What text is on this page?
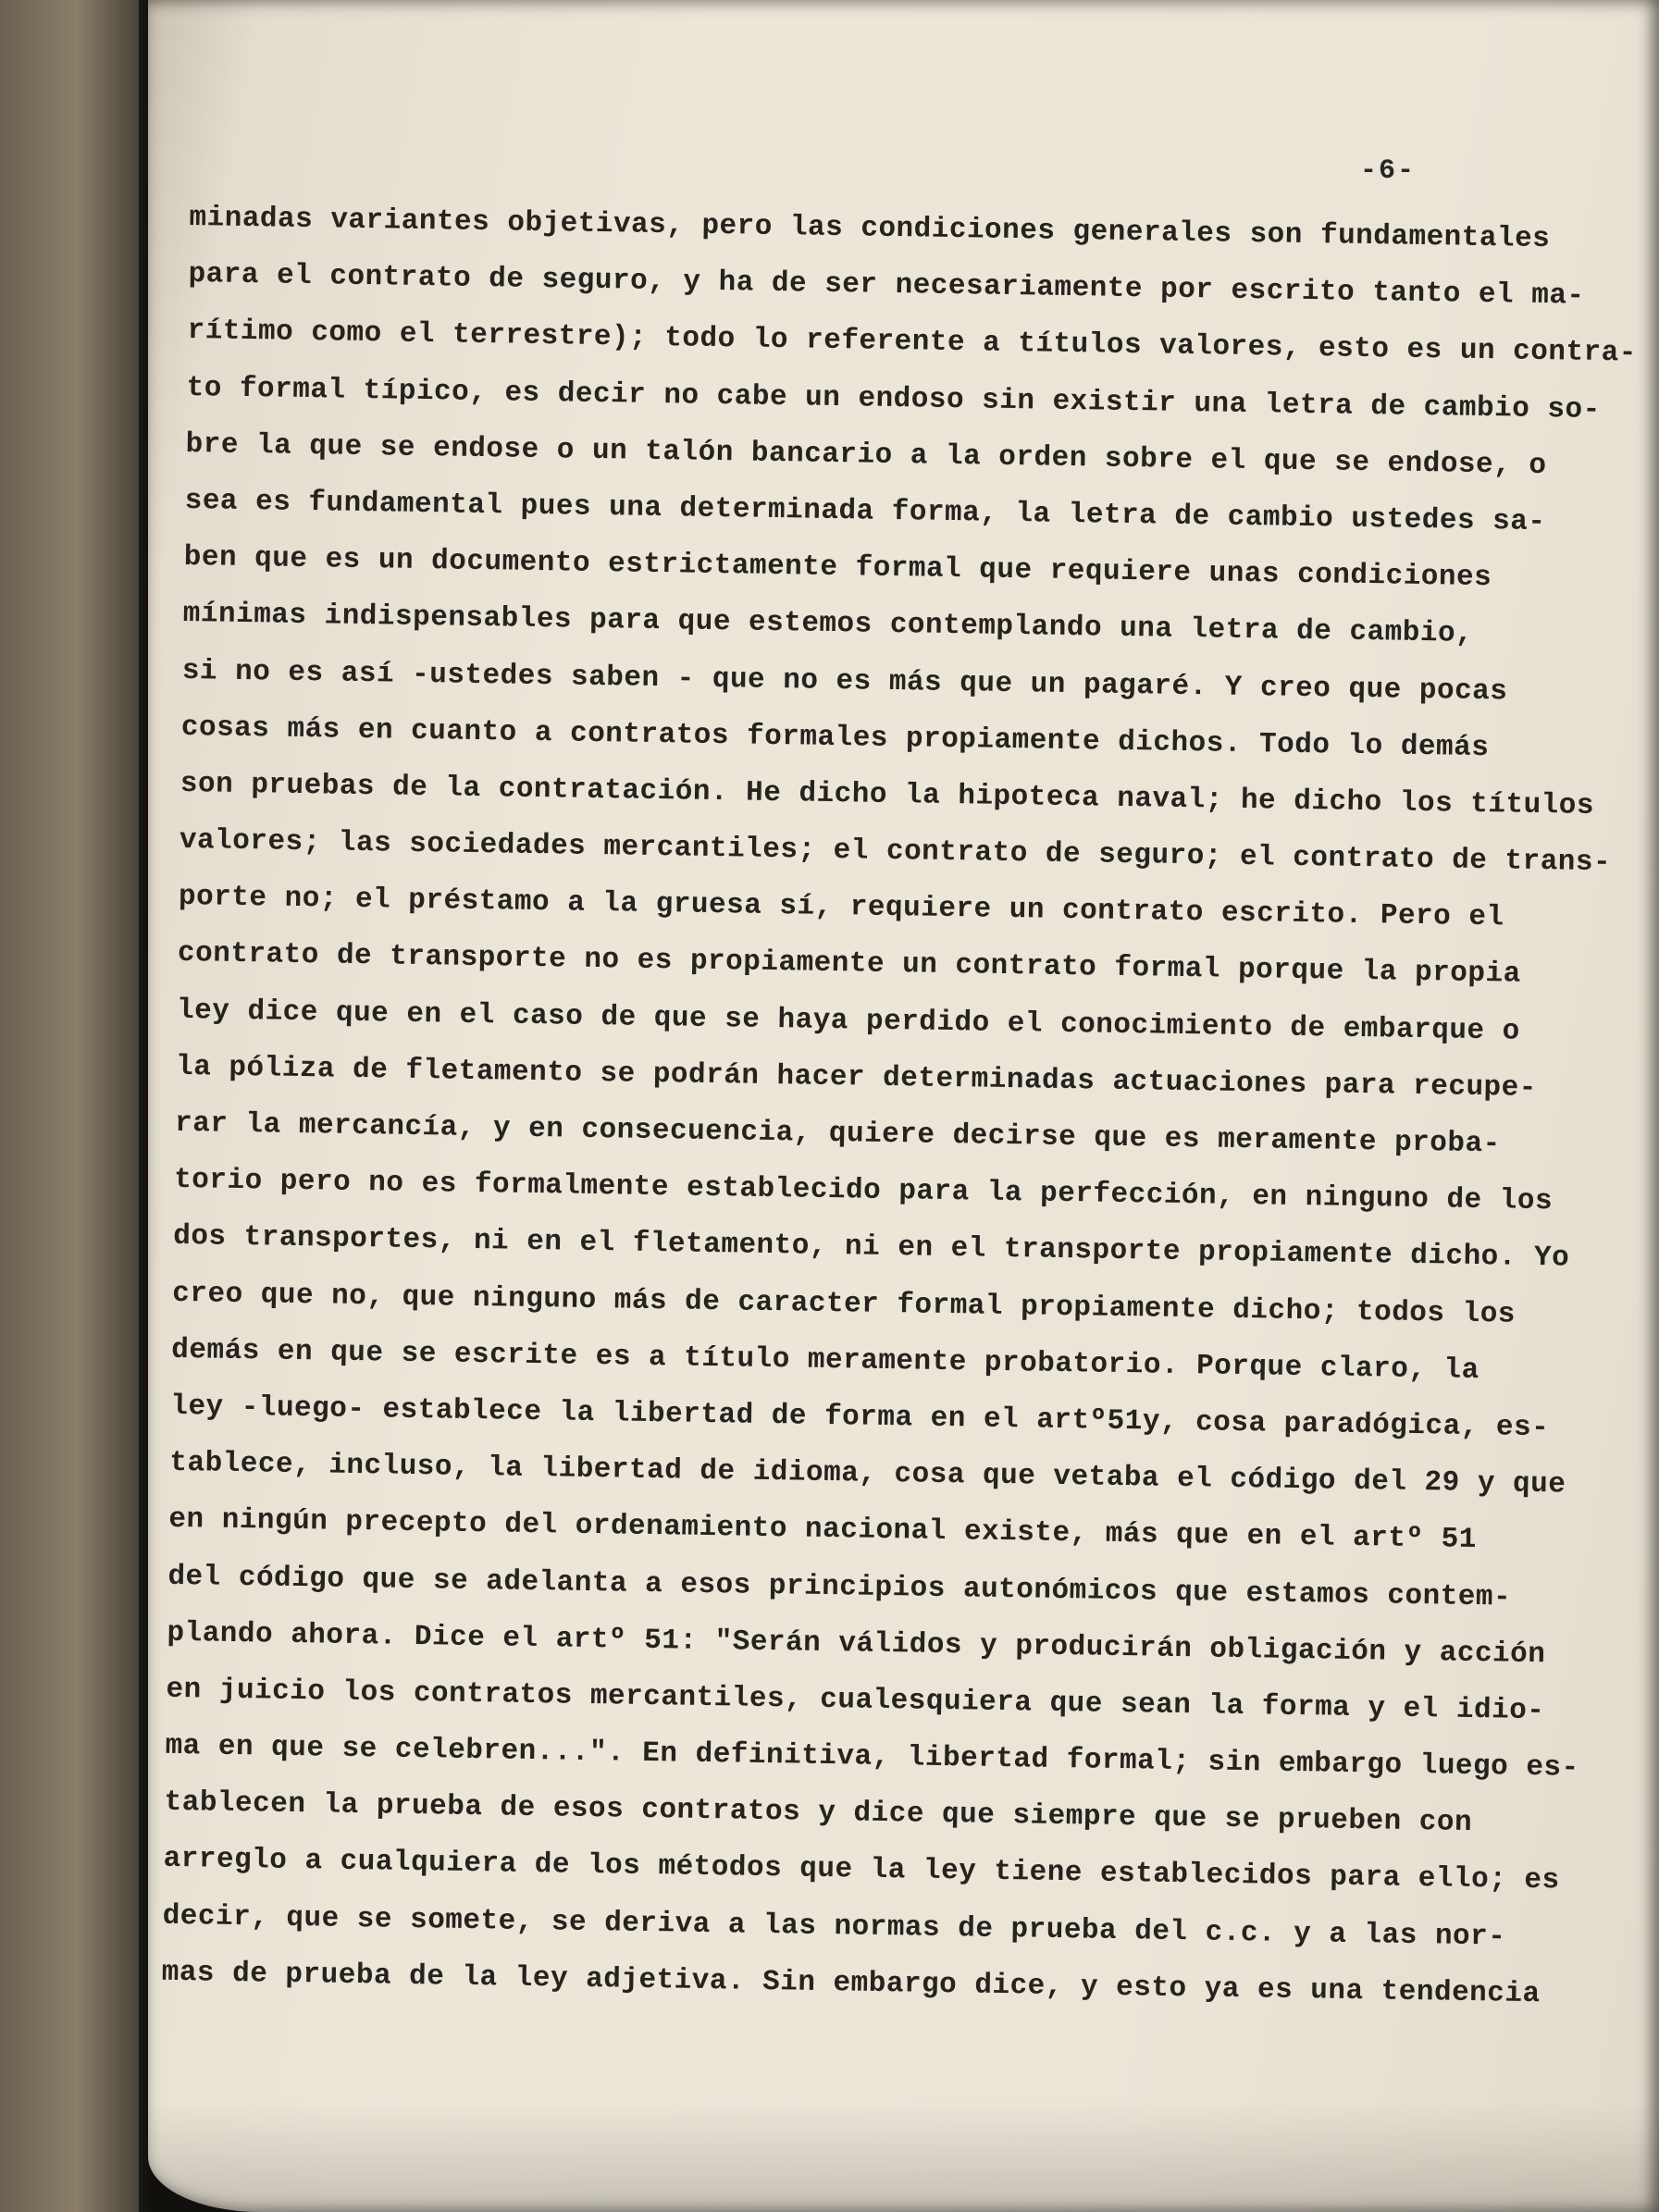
-6-
minadas variantes objetivas, pero las condiciones generales son fundamentales
para el contrato de seguro, y ha de ser necesariamente por escrito tanto el ma-
rítimo como el terrestre); todo lo referente a títulos valores, esto es un contra-
to formal típico, es decir no cabe un endoso sin existir una letra de cambio so-
bre la que se endose o un talón bancario a la orden sobre el que se endose, o
sea es fundamental pues una determinada forma, la letra de cambio ustedes sa-
ben que es un documento estrictamente formal que requiere unas condiciones
mínimas indispensables para que estemos contemplando una letra de cambio,
si no es así -ustedes saben - que no es más que un pagaré. Y creo que pocas
cosas más en cuanto a contratos formales propiamente dichos. Todo lo demás
son pruebas de la contratación. He dicho la hipoteca naval; he dicho los títulos
valores; las sociedades mercantiles; el contrato de seguro; el contrato de trans-
porte no; el préstamo a la gruesa sí, requiere un contrato escrito. Pero el
contrato de transporte no es propiamente un contrato formal porque la propia
ley dice que en el caso de que se haya perdido el conocimiento de embarque o
la póliza de fletamento se podrán hacer determinadas actuaciones para recupe-
rar la mercancía, y en consecuencia, quiere decirse que es meramente proba-
torio pero no es formalmente establecido para la perfección, en ninguno de los
dos transportes, ni en el fletamento, ni en el transporte propiamente dicho. Yo
creo que no, que ninguno más de caracter formal propiamente dicho; todos los
demás en que se escrite es a título meramente probatorio. Porque claro, la
ley -luego- establece la libertad de forma en el artº51y, cosa paradógica, es-
tablece, incluso, la libertad de idioma, cosa que vetaba el código del 29 y que
en ningún precepto del ordenamiento nacional existe, más que en el artº 51
del código que se adelanta a esos principios autonómicos que estamos contem-
plando ahora. Dice el artº 51: "Serán válidos y producirán obligación y acción
en juicio los contratos mercantiles, cualesquiera que sean la forma y el idio-
ma en que se celebren...". En definitiva, libertad formal; sin embargo luego es-
tablecen la prueba de esos contratos y dice que siempre que se prueben con
arreglo a cualquiera de los métodos que la ley tiene establecidos para ello; es
decir, que se somete, se deriva a las normas de prueba del c.c. y a las nor-
mas de prueba de la ley adjetiva. Sin embargo dice, y esto ya es una tendencia
